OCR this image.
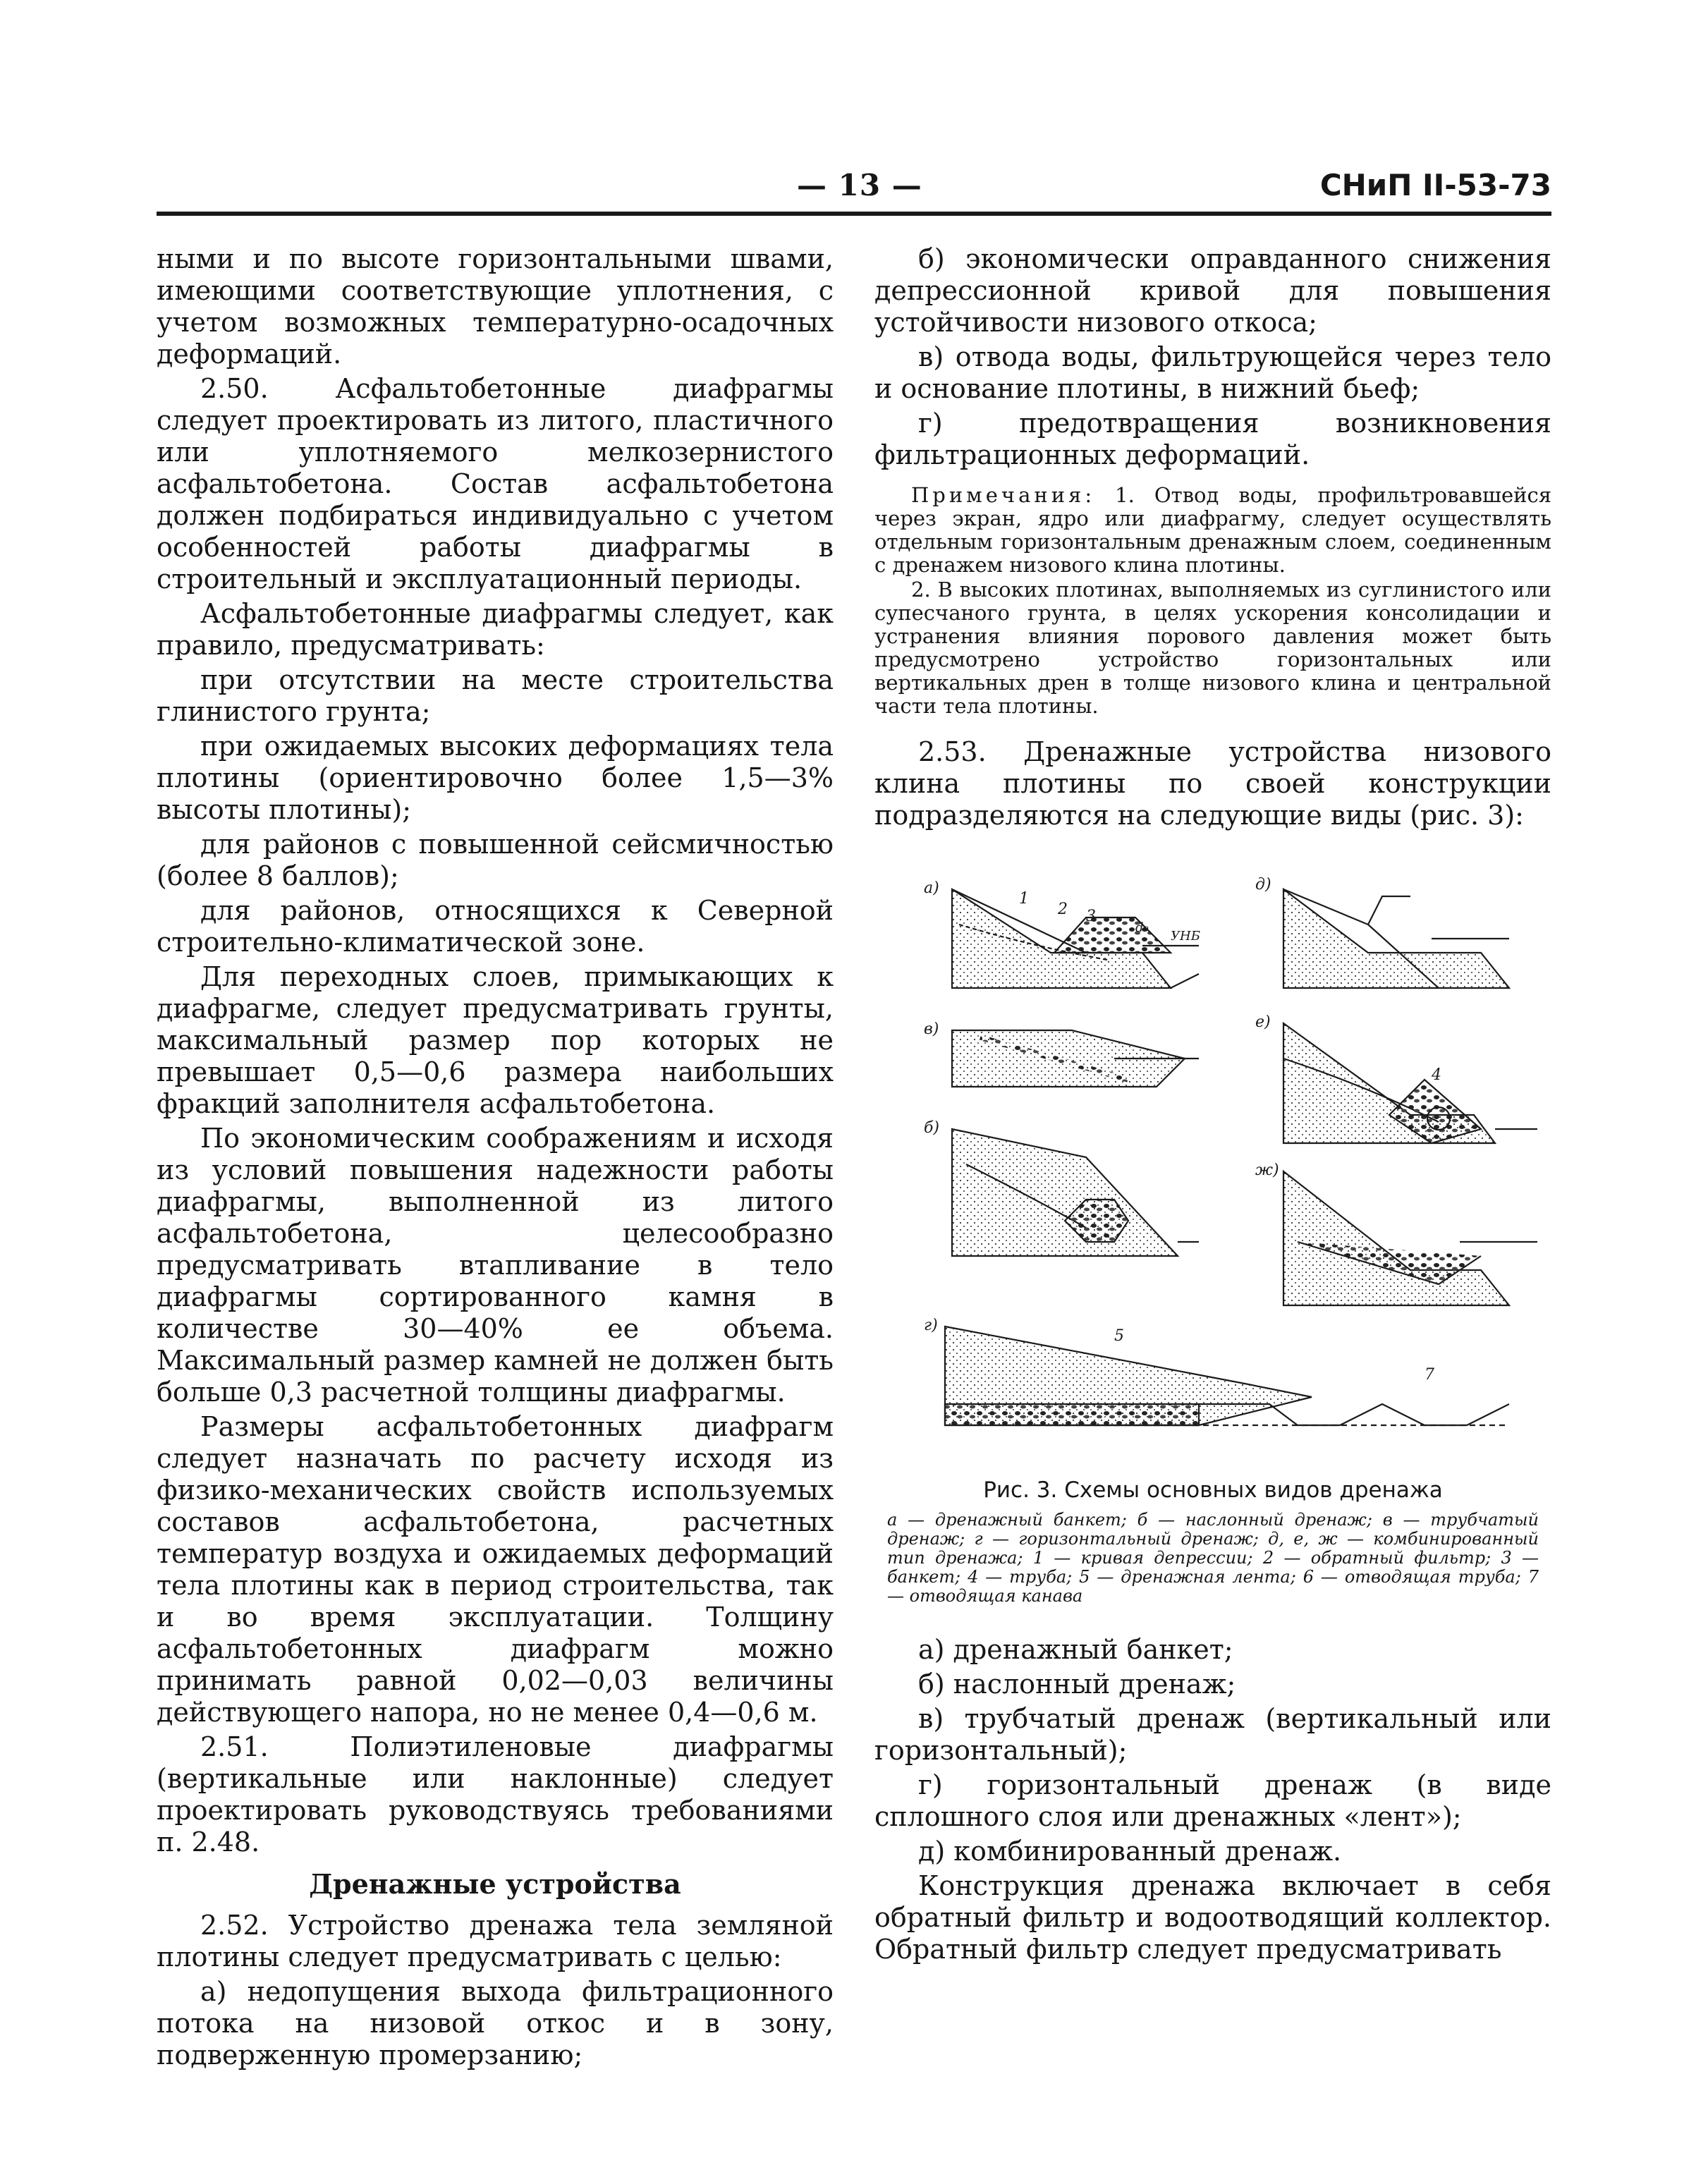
— 13 —	СНиП II-53-73

ными и по высоте горизонтальными швами, имеющими соответствующие уплотнения, с учетом возможных температурно-осадочных деформаций.

2.50. Асфальтобетонные диафрагмы следует проектировать из литого, пластичного или уплотняемого мелкозернистого асфальтобетона. Состав асфальтобетона должен подбираться индивидуально с учетом особенностей работы диафрагмы в строительный и эксплуатационный периоды.

Асфальтобетонные диафрагмы следует, как правило, предусматривать:

при отсутствии на месте строительства глинистого грунта;

при ожидаемых высоких деформациях тела плотины (ориентировочно более 1,5—3% высоты плотины);

для районов с повышенной сейсмичностью (более 8 баллов);

для районов, относящихся к Северной строительно-климатической зоне.

Для переходных слоев, примыкающих к диафрагме, следует предусматривать грунты, максимальный размер пор которых не превышает 0,5—0,6 размера наибольших фракций заполнителя асфальтобетона.

По экономическим соображениям и исходя из условий повышения надежности работы диафрагмы, выполненной из литого асфальтобетона, целесообразно предусматривать втапливание в тело диафрагмы сортированного камня в количестве 30—40% ее объема. Максимальный размер камней не должен быть больше 0,3 расчетной толщины диафрагмы.

Размеры асфальтобетонных диафрагм следует назначать по расчету исходя из физико-механических свойств используемых составов асфальтобетона, расчетных температур воздуха и ожидаемых деформаций тела плотины как в период строительства, так и во время эксплуатации. Толщину асфальтобетонных диафрагм можно принимать равной 0,02—0,03 величины действующего напора, но не менее 0,4—0,6 м.

2.51. Полиэтиленовые диафрагмы (вертикальные или наклонные) следует проектировать руководствуясь требованиями п. 2.48.

Дренажные устройства

2.52. Устройство дренажа тела земляной плотины следует предусматривать с целью:

а) недопущения выхода фильтрационного потока на низовой откос и в зону, подверженную промерзанию;

б) экономически оправданного снижения депрессионной кривой для повышения устойчивости низового откоса;

в) отвода воды, фильтрующейся через тело и основание плотины, в нижний бьеф;

г) предотвращения возникновения фильтрационных деформаций.

Примечания: 1. Отвод воды, профильтровавшейся через экран, ядро или диафрагму, следует осуществлять отдельным горизонтальным дренажным слоем, соединенным с дренажем низового клина плотины.

2. В высоких плотинах, выполняемых из суглинистого или супесчаного грунта, в целях ускорения консолидации и устранения влияния порового давления может быть предусмотрено устройство горизонтальных или вертикальных дрен в толще низового клина и центральной части тела плотины.

2.53. Дренажные устройства низового клина плотины по своей конструкции подразделяются на следующие виды (рис. 3):

а)
б)
в)
г)
д)
е)
ж)
1
2 3
4
5
7
УНБ
d₀
Рис. 3. Схемы основных видов дренажа
а — дренажный банкет; б — наслонный дренаж; в — трубчатый дренаж; г — горизонтальный дренаж; д, е, ж — комбинированный тип дренажа; 1 — кривая депрессии; 2 — обратный фильтр; 3 — банкет; 4 — труба; 5 — дренажная лента; 6 — отводящая труба; 7 — отводящая канава

а) дренажный банкет;

б) наслонный дренаж;

в) трубчатый дренаж (вертикальный или горизонтальный);

г) горизонтальный дренаж (в виде сплошного слоя или дренажных «лент»);

д) комбинированный дренаж.

Конструкция дренажа включает в себя обратный фильтр и водоотводящий коллектор. Обратный фильтр следует предусматривать
